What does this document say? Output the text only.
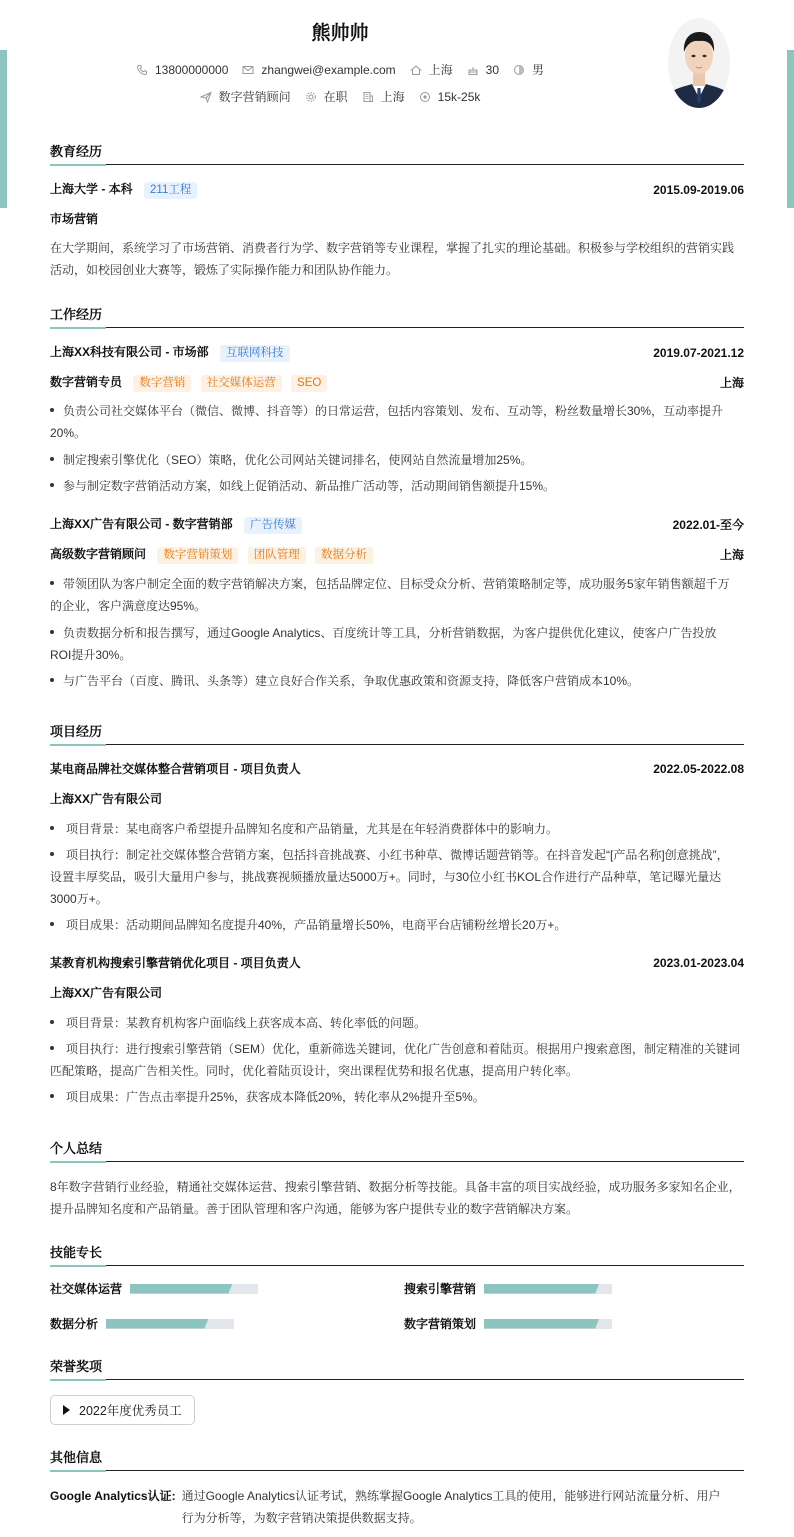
熊帅帅
13800000000	zhangwei@example.com	上海	30	男
数字营销顾问	在职	上海	15k-25k
教育经历
上海大学 - 本科 211工程	2015.09-2019.06
市场营销
在大学期间，系统学习了市场营销、消费者行为学、数字营销等专业课程，掌握了扎实的理论基础。积极参与学校组织的营销实践
活动，如校园创业大赛等，锻炼了实际操作能力和团队协作能力。
工作经历
上海XX科技有限公司 - 市场部 互联网科技	2019.07-2021.12
数字营销专员 数字营销 社交媒体运营 SEO	上海
负责公司社交媒体平台（微信、微博、抖音等）的日常运营，包括内容策划、发布、互动等，粉丝数量增长30%，互动率提升
20%。
制定搜索引擎优化（SEO）策略，优化公司网站关键词排名，使网站自然流量增加25%。
参与制定数字营销活动方案，如线上促销活动、新品推广活动等，活动期间销售额提升15%。
上海XX广告有限公司 - 数字营销部 广告传媒	2022.01-至今
高级数字营销顾问 数字营销策划 团队管理 数据分析	上海
带领团队为客户制定全面的数字营销解决方案，包括品牌定位、目标受众分析、营销策略制定等，成功服务5家年销售额超千万
的企业，客户满意度达95%。
负责数据分析和报告撰写，通过Google Analytics、百度统计等工具，分析营销数据，为客户提供优化建议，使客户广告投放
ROI提升30%。
与广告平台（百度、腾讯、头条等）建立良好合作关系，争取优惠政策和资源支持，降低客户营销成本10%。
项目经历
某电商品牌社交媒体整合营销项目 - 项目负责人	2022.05-2022.08
上海XX广告有限公司
项目背景：某电商客户希望提升品牌知名度和产品销量，尤其是在年轻消费群体中的影响力。
项目执行：制定社交媒体整合营销方案，包括抖音挑战赛、小红书种草、微博话题营销等。在抖音发起“[产品名称]创意挑战”，
设置丰厚奖品，吸引大量用户参与，挑战赛视频播放量达5000万+。同时，与30位小红书KOL合作进行产品种草，笔记曝光量达
3000万+。
项目成果：活动期间品牌知名度提升40%，产品销量增长50%，电商平台店铺粉丝增长20万+。
某教育机构搜索引擎营销优化项目 - 项目负责人	2023.01-2023.04
上海XX广告有限公司
项目背景：某教育机构客户面临线上获客成本高、转化率低的问题。
项目执行：进行搜索引擎营销（SEM）优化，重新筛选关键词，优化广告创意和着陆页。根据用户搜索意图，制定精准的关键词
匹配策略，提高广告相关性。同时，优化着陆页设计，突出课程优势和报名优惠，提高用户转化率。
项目成果：广告点击率提升25%，获客成本降低20%，转化率从2%提升至5%。
个人总结
8年数字营销行业经验，精通社交媒体运营、搜索引擎营销、数据分析等技能。具备丰富的项目实战经验，成功服务多家知名企业，
提升品牌知名度和产品销量。善于团队管理和客户沟通，能够为客户提供专业的数字营销解决方案。
技能专长
社交媒体运营	搜索引擎营销
数据分析	数字营销策划
荣誉奖项
2022年度优秀员工
其他信息
Google Analytics认证: 通过Google Analytics认证考试，熟练掌握Google Analytics工具的使用，能够进行网站流量分析、用户
行为分析等，为数字营销决策提供数据支持。
